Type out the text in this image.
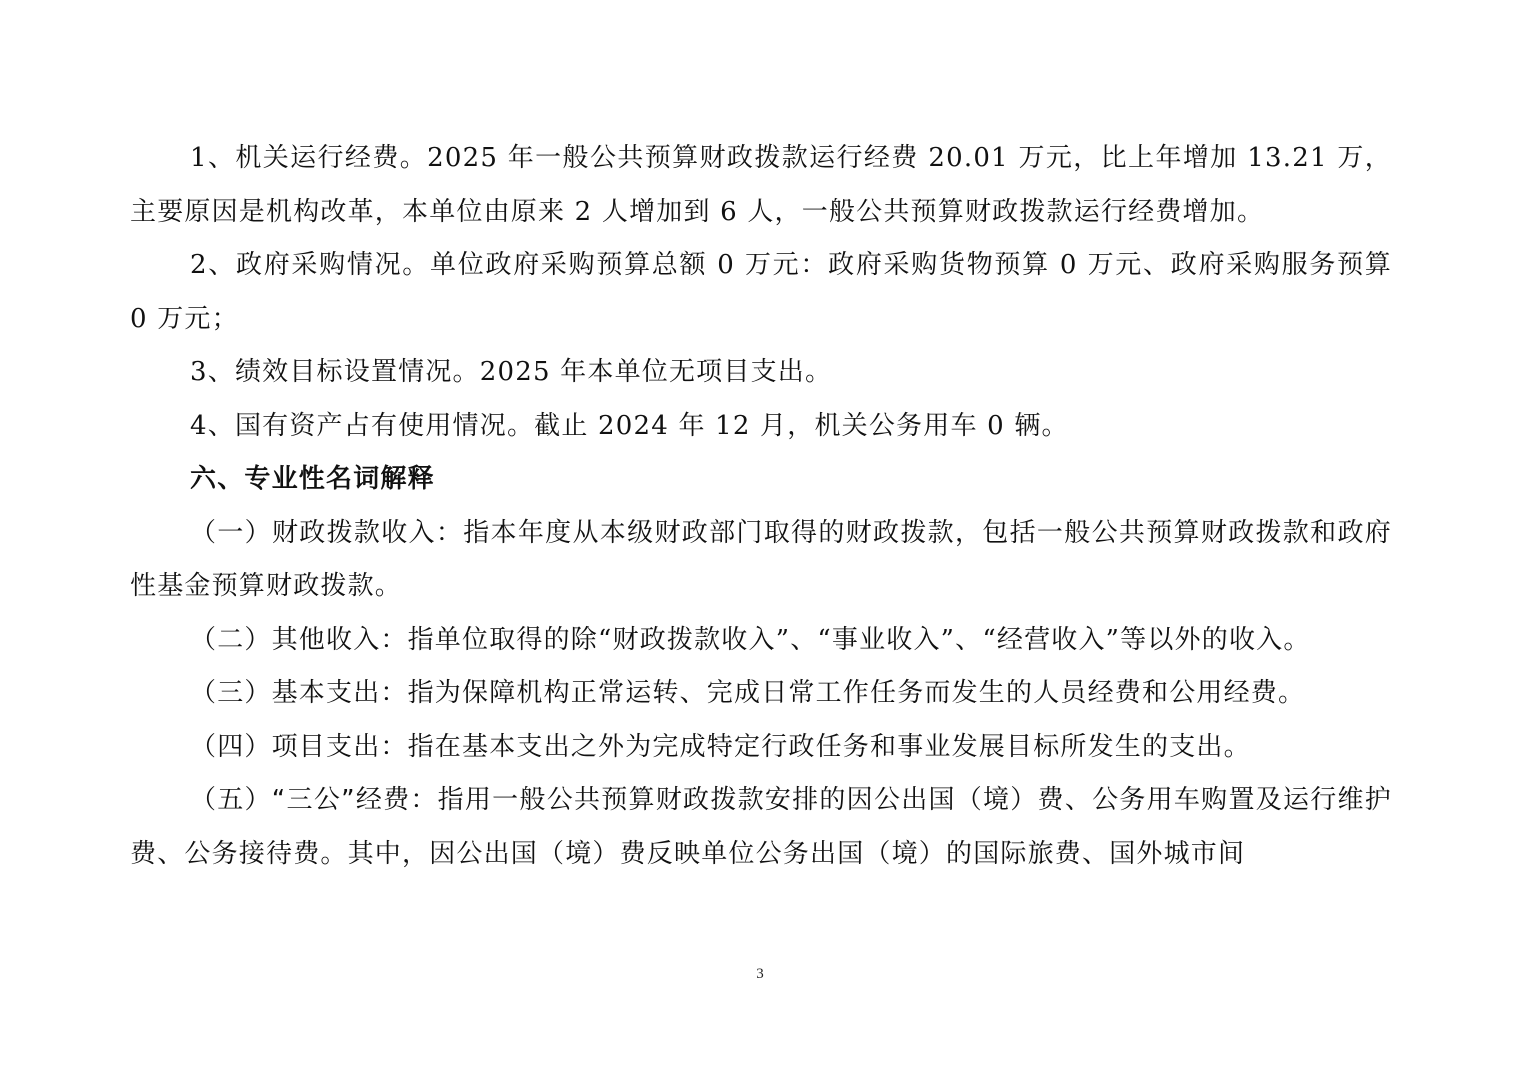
1、机关运行经费。2025 年一般公共预算财政拨款运行经费 20.01 万元，比上年增加 13.21 万，主要原因是机构改革，本单位由原来 2 人增加到 6 人，一般公共预算财政拨款运行经费增加。

2、政府采购情况。单位政府采购预算总额 0 万元：政府采购货物预算 0 万元、政府采购服务预算 0 万元；

3、绩效目标设置情况。2025 年本单位无项目支出。

4、国有资产占有使用情况。截止 2024 年 12 月，机关公务用车 0 辆。

六、专业性名词解释

（一）财政拨款收入：指本年度从本级财政部门取得的财政拨款，包括一般公共预算财政拨款和政府性基金预算财政拨款。

（二）其他收入：指单位取得的除“财政拨款收入”、“事业收入”、“经营收入”等以外的收入。

（三）基本支出：指为保障机构正常运转、完成日常工作任务而发生的人员经费和公用经费。

（四）项目支出：指在基本支出之外为完成特定行政任务和事业发展目标所发生的支出。

（五）“三公”经费：指用一般公共预算财政拨款安排的因公出国（境）费、公务用车购置及运行维护费、公务接待费。其中，因公出国（境）费反映单位公务出国（境）的国际旅费、国外城市间

3
